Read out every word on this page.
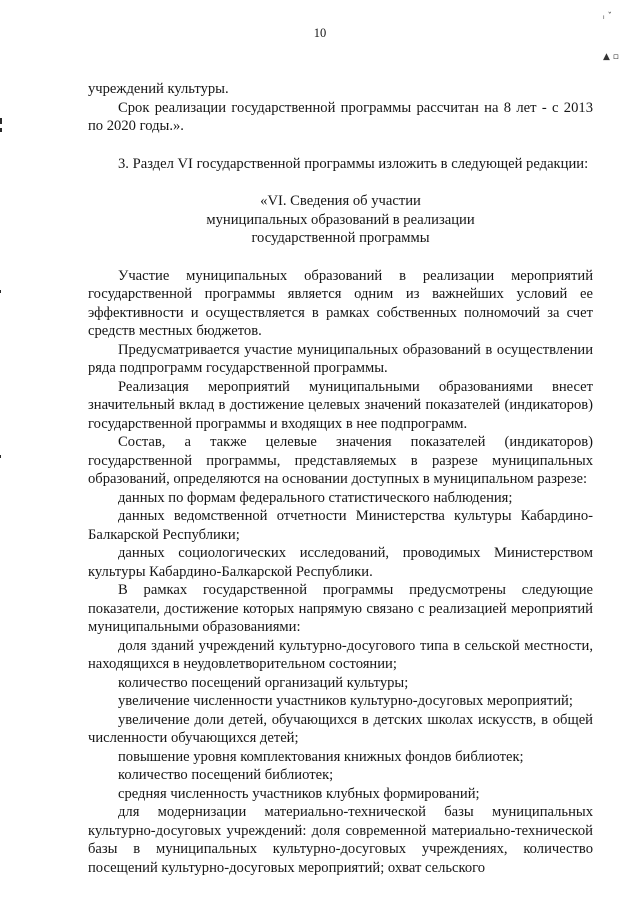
10
ᵢ ˇ
▲ ▫

учреждений культуры.

Срок реализации государственной программы рассчитан на 8 лет - с 2013 по 2020 годы.».

3. Раздел VI государственной программы изложить в следующей редакции:

«VI. Сведения об участии
муниципальных образований в реализации
государственной программы

Участие муниципальных образований в реализации мероприятий государственной программы является одним из важнейших условий ее эффективности и осуществляется в рамках собственных полномочий за счет средств местных бюджетов.

Предусматривается участие муниципальных образований в осуществлении ряда подпрограмм государственной программы.

Реализация мероприятий муниципальными образованиями внесет значительный вклад в достижение целевых значений показателей (индикаторов) государственной программы и входящих в нее подпрограмм.

Состав, а также целевые значения показателей (индикаторов) государственной программы, представляемых в разрезе муниципальных образований, определяются на основании доступных в муниципальном разрезе:

данных по формам федерального статистического наблюдения;

данных ведомственной отчетности Министерства культуры Кабардино-Балкарской Республики;

данных социологических исследований, проводимых Министерством культуры Кабардино-Балкарской Республики.

В рамках государственной программы предусмотрены следующие показатели, достижение которых напрямую связано с реализацией мероприятий муниципальными образованиями:

доля зданий учреждений культурно-досугового типа в сельской местности, находящихся в неудовлетворительном состоянии;

количество посещений организаций культуры;

увеличение численности участников культурно-досуговых мероприятий;

увеличение доли детей, обучающихся в детских школах искусств, в общей численности обучающихся детей;

повышение уровня комплектования книжных фондов библиотек;

количество посещений библиотек;

средняя численность участников клубных формирований;

для модернизации материально-технической базы муниципальных культурно-досуговых учреждений: доля современной материально-технической базы в муниципальных культурно-досуговых учреждениях, количество посещений культурно-досуговых мероприятий; охват сельского
